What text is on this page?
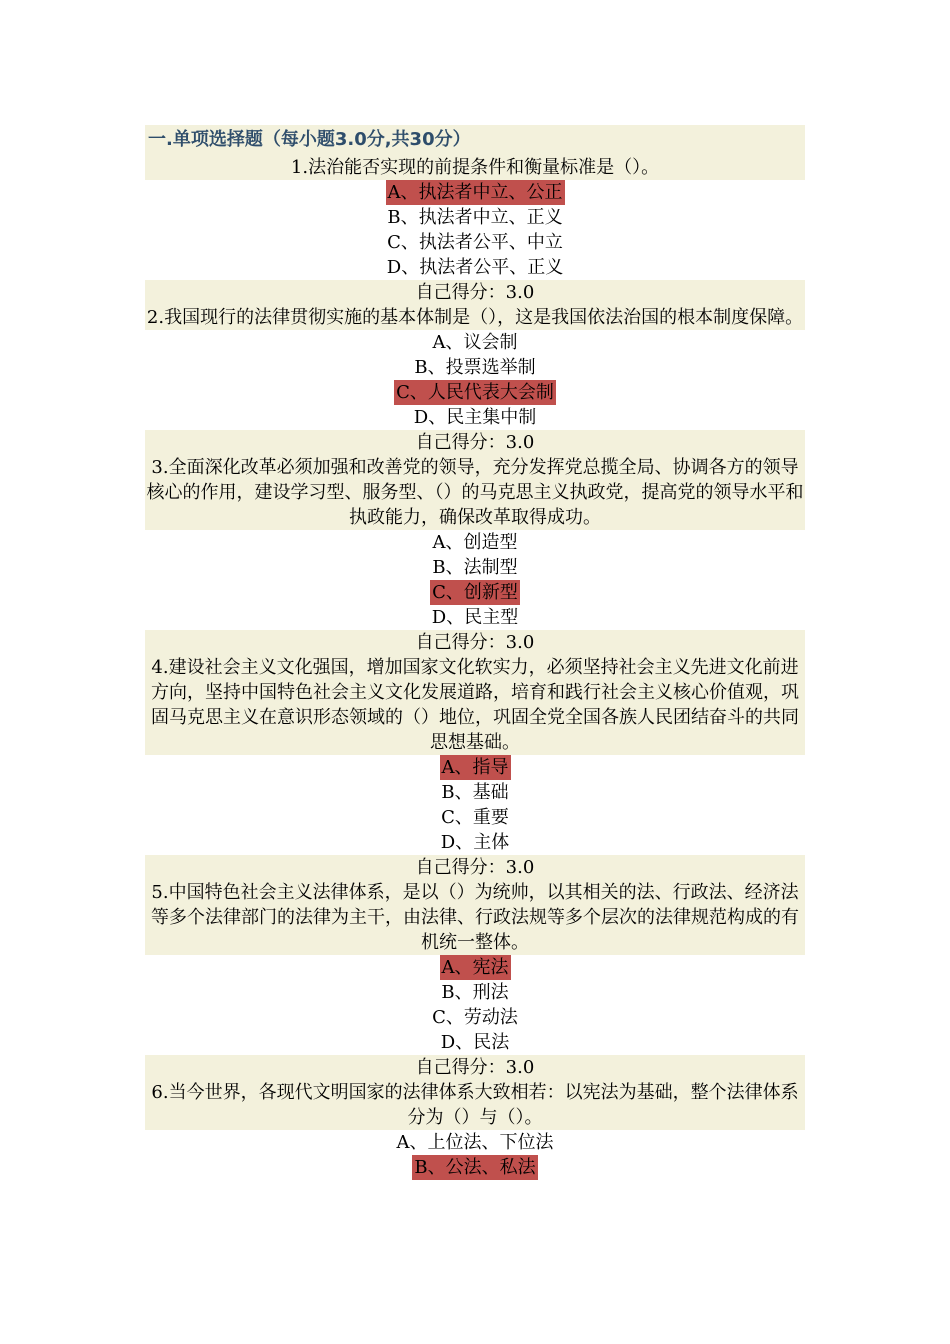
一.单项选择题（每小题3.0分,共30分）
1.法治能否实现的前提条件和衡量标准是（）。
A、执法者中立、公正
B、执法者中立、正义
C、执法者公平、中立
D、执法者公平、正义
自己得分：3.0
2.我国现行的法律贯彻实施的基本体制是（），这是我国依法治国的根本制度保障。
A、议会制
B、投票选举制
C、人民代表大会制
D、民主集中制
自己得分：3.0
3.全面深化改革必须加强和改善党的领导，充分发挥党总揽全局、协调各方的领导核心的作用，建设学习型、服务型、（）的马克思主义执政党，提高党的领导水平和执政能力，确保改革取得成功。
A、创造型
B、法制型
C、创新型
D、民主型
自己得分：3.0
4.建设社会主义文化强国，增加国家文化软实力，必须坚持社会主义先进文化前进方向，坚持中国特色社会主义文化发展道路，培育和践行社会主义核心价值观，巩固马克思主义在意识形态领域的（）地位，巩固全党全国各族人民团结奋斗的共同思想基础。
A、指导
B、基础
C、重要
D、主体
自己得分：3.0
5.中国特色社会主义法律体系，是以（）为统帅，以其相关的法、行政法、经济法等多个法律部门的法律为主干，由法律、行政法规等多个层次的法律规范构成的有机统一整体。
A、宪法
B、刑法
C、劳动法
D、民法
自己得分：3.0
6.当今世界，各现代文明国家的法律体系大致相若：以宪法为基础，整个法律体系分为（）与（）。
A、上位法、下位法
B、公法、私法
